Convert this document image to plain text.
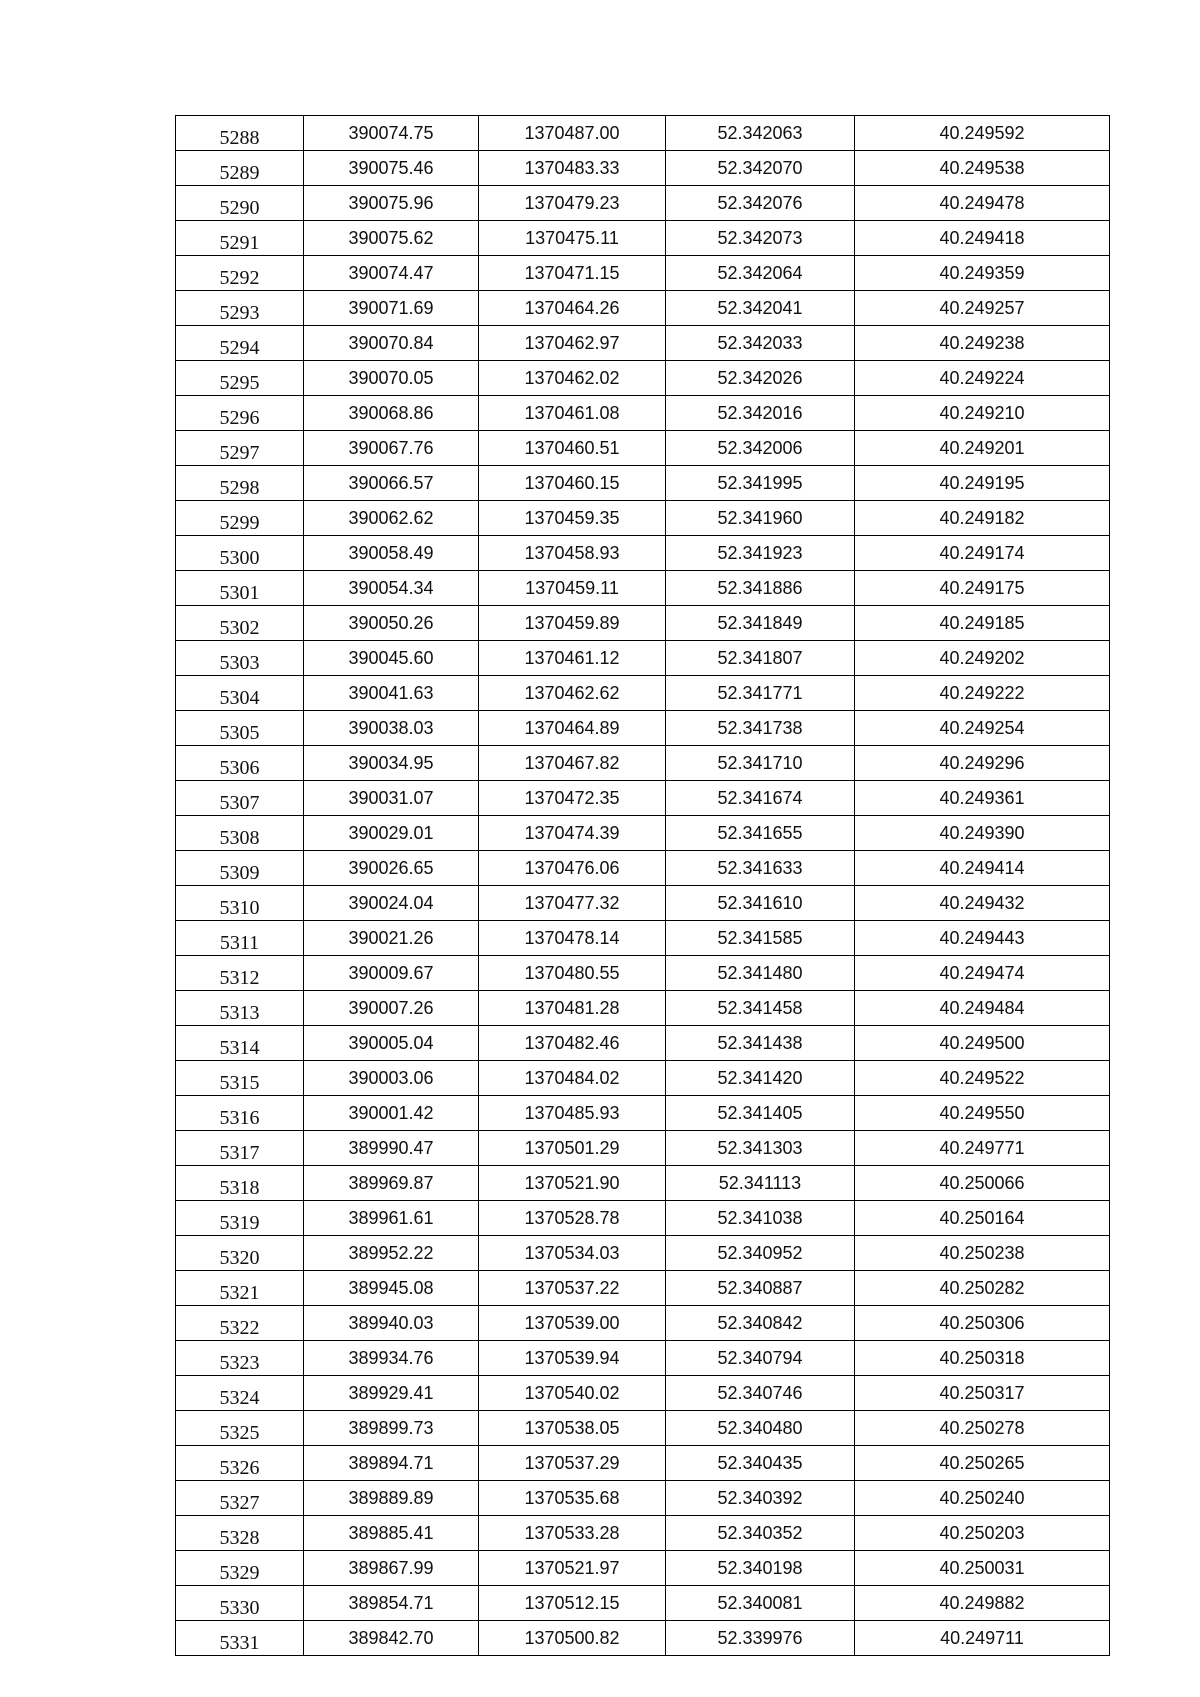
5288	390074.75	1370487.00	52.342063	40.249592
5289	390075.46	1370483.33	52.342070	40.249538
5290	390075.96	1370479.23	52.342076	40.249478
5291	390075.62	1370475.11	52.342073	40.249418
5292	390074.47	1370471.15	52.342064	40.249359
5293	390071.69	1370464.26	52.342041	40.249257
5294	390070.84	1370462.97	52.342033	40.249238
5295	390070.05	1370462.02	52.342026	40.249224
5296	390068.86	1370461.08	52.342016	40.249210
5297	390067.76	1370460.51	52.342006	40.249201
5298	390066.57	1370460.15	52.341995	40.249195
5299	390062.62	1370459.35	52.341960	40.249182
5300	390058.49	1370458.93	52.341923	40.249174
5301	390054.34	1370459.11	52.341886	40.249175
5302	390050.26	1370459.89	52.341849	40.249185
5303	390045.60	1370461.12	52.341807	40.249202
5304	390041.63	1370462.62	52.341771	40.249222
5305	390038.03	1370464.89	52.341738	40.249254
5306	390034.95	1370467.82	52.341710	40.249296
5307	390031.07	1370472.35	52.341674	40.249361
5308	390029.01	1370474.39	52.341655	40.249390
5309	390026.65	1370476.06	52.341633	40.249414
5310	390024.04	1370477.32	52.341610	40.249432
5311	390021.26	1370478.14	52.341585	40.249443
5312	390009.67	1370480.55	52.341480	40.249474
5313	390007.26	1370481.28	52.341458	40.249484
5314	390005.04	1370482.46	52.341438	40.249500
5315	390003.06	1370484.02	52.341420	40.249522
5316	390001.42	1370485.93	52.341405	40.249550
5317	389990.47	1370501.29	52.341303	40.249771
5318	389969.87	1370521.90	52.341113	40.250066
5319	389961.61	1370528.78	52.341038	40.250164
5320	389952.22	1370534.03	52.340952	40.250238
5321	389945.08	1370537.22	52.340887	40.250282
5322	389940.03	1370539.00	52.340842	40.250306
5323	389934.76	1370539.94	52.340794	40.250318
5324	389929.41	1370540.02	52.340746	40.250317
5325	389899.73	1370538.05	52.340480	40.250278
5326	389894.71	1370537.29	52.340435	40.250265
5327	389889.89	1370535.68	52.340392	40.250240
5328	389885.41	1370533.28	52.340352	40.250203
5329	389867.99	1370521.97	52.340198	40.250031
5330	389854.71	1370512.15	52.340081	40.249882
5331	389842.70	1370500.82	52.339976	40.249711
